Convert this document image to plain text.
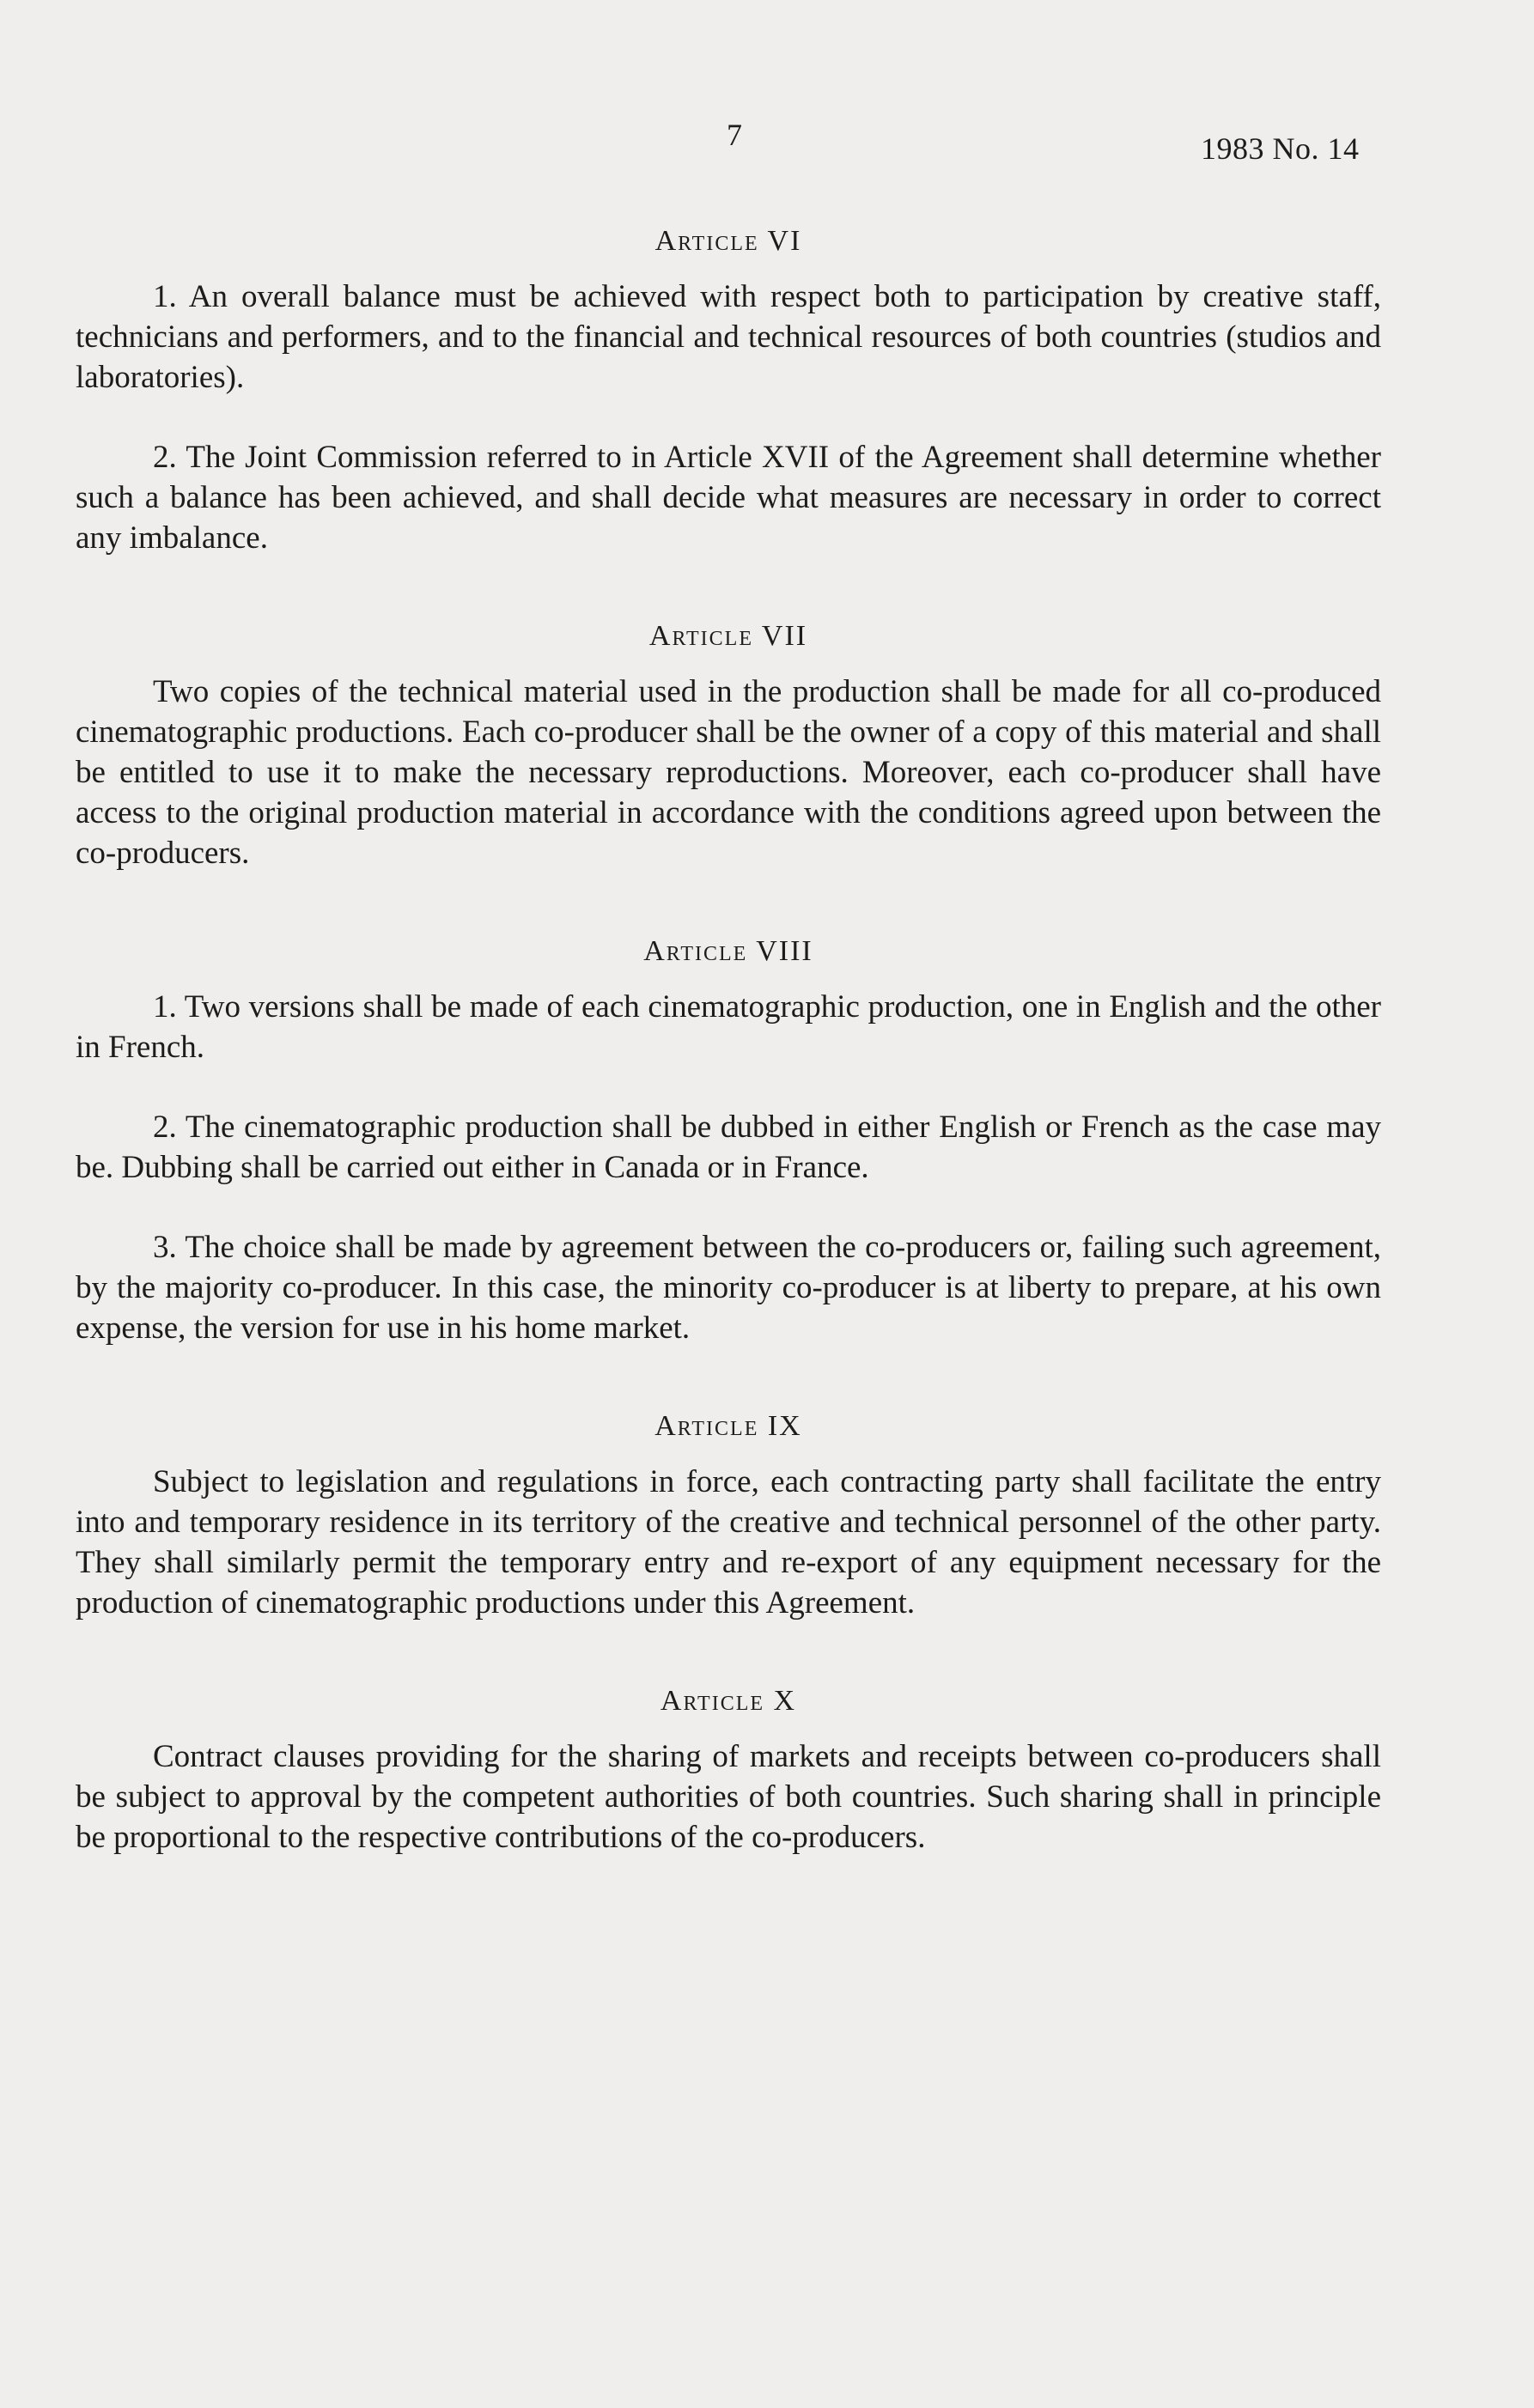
7	1983 No. 14
Article VI

1. An overall balance must be achieved with respect both to participation by creative staff, technicians and performers, and to the financial and technical resources of both countries (studios and laboratories).

2. The Joint Commission referred to in Article XVII of the Agreement shall determine whether such a balance has been achieved, and shall decide what measures are necessary in order to correct any imbalance.

Article VII

Two copies of the technical material used in the production shall be made for all co-produced cinematographic productions. Each co-producer shall be the owner of a copy of this material and shall be entitled to use it to make the necessary reproductions. Moreover, each co-producer shall have access to the original production material in accordance with the conditions agreed upon between the co-producers.

Article VIII

1. Two versions shall be made of each cinematographic production, one in English and the other in French.

2. The cinematographic production shall be dubbed in either English or French as the case may be. Dubbing shall be carried out either in Canada or in France.

3. The choice shall be made by agreement between the co-producers or, failing such agreement, by the majority co-producer. In this case, the minority co-producer is at liberty to prepare, at his own expense, the version for use in his home market.

Article IX

Subject to legislation and regulations in force, each contracting party shall facilitate the entry into and temporary residence in its territory of the creative and technical personnel of the other party. They shall similarly permit the temporary entry and re-export of any equipment necessary for the production of cinematographic productions under this Agreement.

Article X

Contract clauses providing for the sharing of markets and receipts between co-producers shall be subject to approval by the competent authorities of both countries. Such sharing shall in principle be proportional to the respective contributions of the co-producers.
